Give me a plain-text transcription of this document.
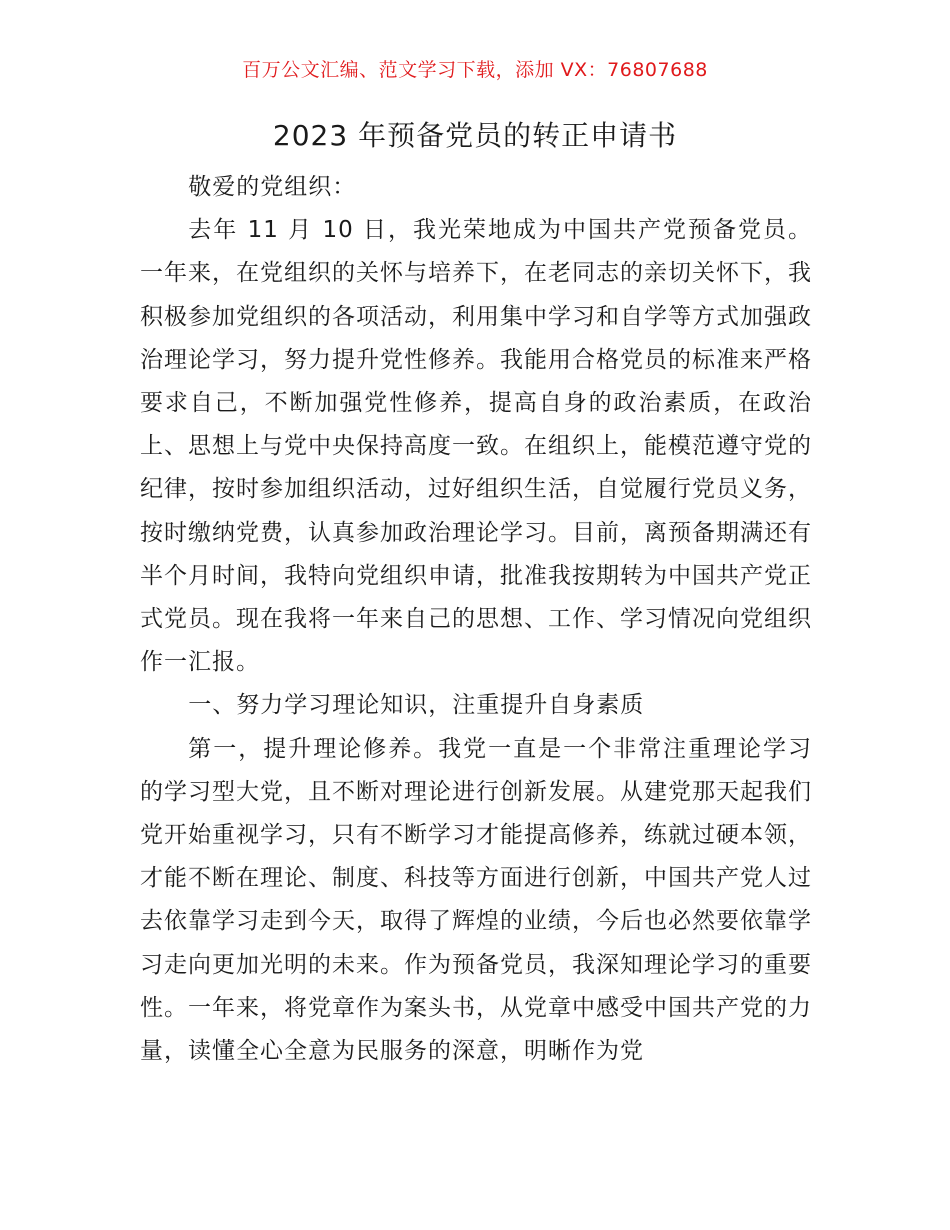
百万公文汇编、范文学习下载，添加 VX：76807688
2023 年预备党员的转正申请书

敬爱的党组织：

去年 11 月 10 日，我光荣地成为中国共产党预备党员。一年来，在党组织的关怀与培养下，在老同志的亲切关怀下，我积极参加党组织的各项活动，利用集中学习和自学等方式加强政治理论学习，努力提升党性修养。我能用合格党员的标准来严格要求自己，不断加强党性修养，提高自身的政治素质，在政治上、思想上与党中央保持高度一致。在组织上，能模范遵守党的纪律，按时参加组织活动，过好组织生活，自觉履行党员义务，按时缴纳党费，认真参加政治理论学习。目前，离预备期满还有半个月时间，我特向党组织申请，批准我按期转为中国共产党正式党员。现在我将一年来自己的思想、工作、学习情况向党组织作一汇报。

一、努力学习理论知识，注重提升自身素质

第一，提升理论修养。我党一直是一个非常注重理论学习的学习型大党，且不断对理论进行创新发展。从建党那天起我们党开始重视学习，只有不断学习才能提高修养，练就过硬本领，才能不断在理论、制度、科技等方面进行创新，中国共产党人过去依靠学习走到今天，取得了辉煌的业绩，今后也必然要依靠学习走向更加光明的未来。作为预备党员，我深知理论学习的重要性。一年来，将党章作为案头书，从党章中感受中国共产党的力量，读懂全心全意为民服务的深意，明晰作为党
